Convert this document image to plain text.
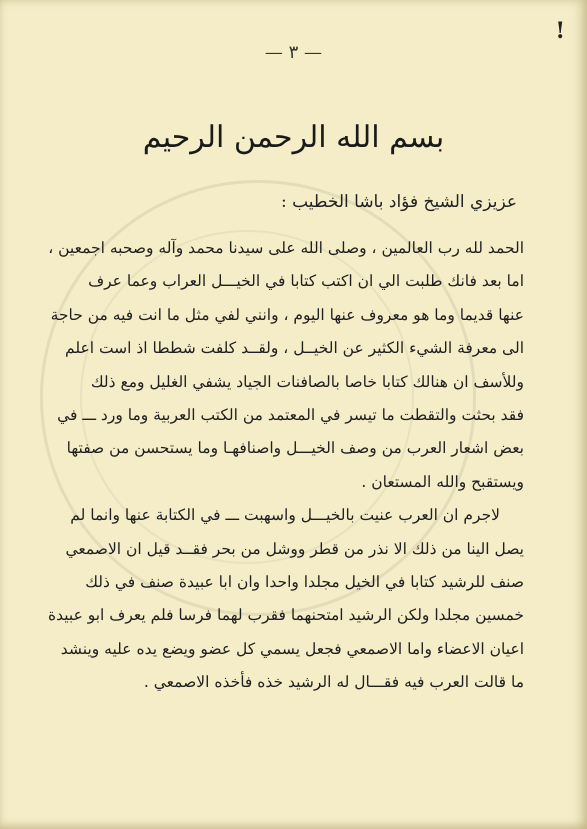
!
— ٣ —
بسم الله الرحمن الرحيم
عزيزي الشيخ فؤاد باشا الخطيب :
الحمد لله رب العالمين ، وصلى الله على سيدنا محمد وآله وصحبه اجمعين ،
اما بعد فانك طلبت الي ان اكتب كتابا في الخيـــل العراب وعما عرف
عنها قديما وما هو معروف عنها اليوم ، وانني لفي مثل ما انت فيه من حاجة
الى معرفة الشيء الكثير عن الخيــل ، ولقــد كلفت شططا اذ است اعلم
وللأسف ان هنالك كتابا خاصا بالصافنات الجياد يشفي الغليل ومع ذلك
فقد بحثت والتقطت ما تيسر في المعتمد من الكتب العربية وما ورد ـــ في
بعض اشعار العرب من وصف الخيـــل واصنافهـا وما يستحسن من صفتها
ويستقبح والله المستعان .
لاجرم ان العرب عنيت بالخيـــل واسهبت ـــ في الكتابة عنها وانما لم
يصل الينا من ذلك الا نذر من قطر ووشل من بحر فقــد قيل ان الاصمعي
صنف للرشيد كتابا في الخيل مجلدا واحدا وان ابا عبيدة صنف في ذلك
خمسين مجلدا ولكن الرشيد امتحنهما فقرب لهما فرسا فلم يعرف ابو عبيدة
اعيان الاعضاء واما الاصمعي فجعل يسمي كل عضو ويضع يده عليه وينشد
ما قالت العرب فيه فقـــال له الرشيد خذه فأخذه الاصمعي .
